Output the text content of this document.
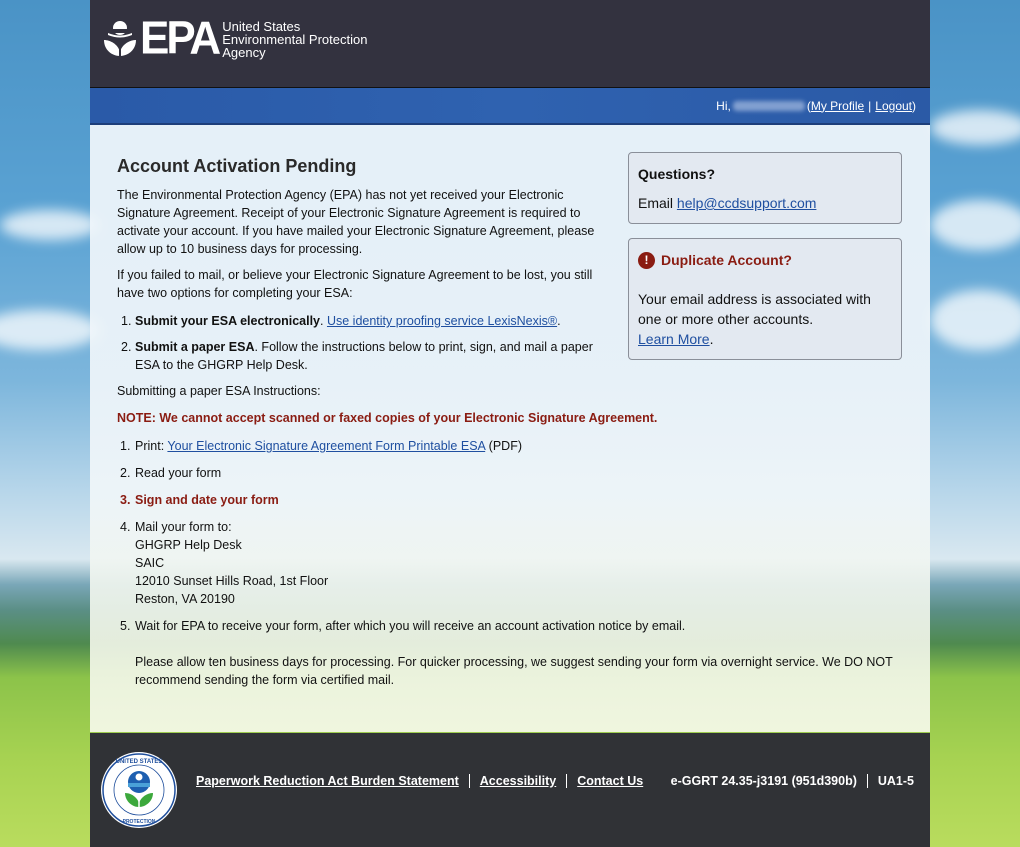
EPA United States
Environmental Protection
Agency
Hi,	( My Profile | Logout )
Account Activation Pending

The Environmental Protection Agency (EPA) has not yet received your Electronic Signature Agreement. Receipt of your Electronic Signature Agreement is required to activate your account. If you have mailed your Electronic Signature Agreement, please allow up to 10 business days for processing.

If you failed to mail, or believe your Electronic Signature Agreement to be lost, you still have two options for completing your ESA:

1. Submit your ESA electronically. Use identity proofing service LexisNexis®.
2. Submit a paper ESA. Follow the instructions below to print, sign, and mail a paper ESA to the GHGRP Help Desk.

Submitting a paper ESA Instructions:

NOTE: We cannot accept scanned or faxed copies of your Electronic Signature Agreement.
1. Print: Your Electronic Signature Agreement Form Printable ESA (PDF)
2. Read your form
3. Sign and date your form
4. Mail your form to:
GHGRP Help Desk
SAIC
12010 Sunset Hills Road, 1st Floor
Reston, VA 20190
5. Wait for EPA to receive your form, after which you will receive an account activation notice by email.
Please allow ten business days for processing. For quicker processing, we suggest sending your form via overnight service. We DO NOT recommend sending the form via certified mail.
Questions?
Email help@ccdsupport.com
! Duplicate Account?
Your email address is associated with one or more other accounts.
Learn More.
UNITED STATES
PROTECTION
Paperwork Reduction Act Burden Statement Accessibility Contact Us e-GGRT 24.35-j3191 (951d390b) UA1-5
